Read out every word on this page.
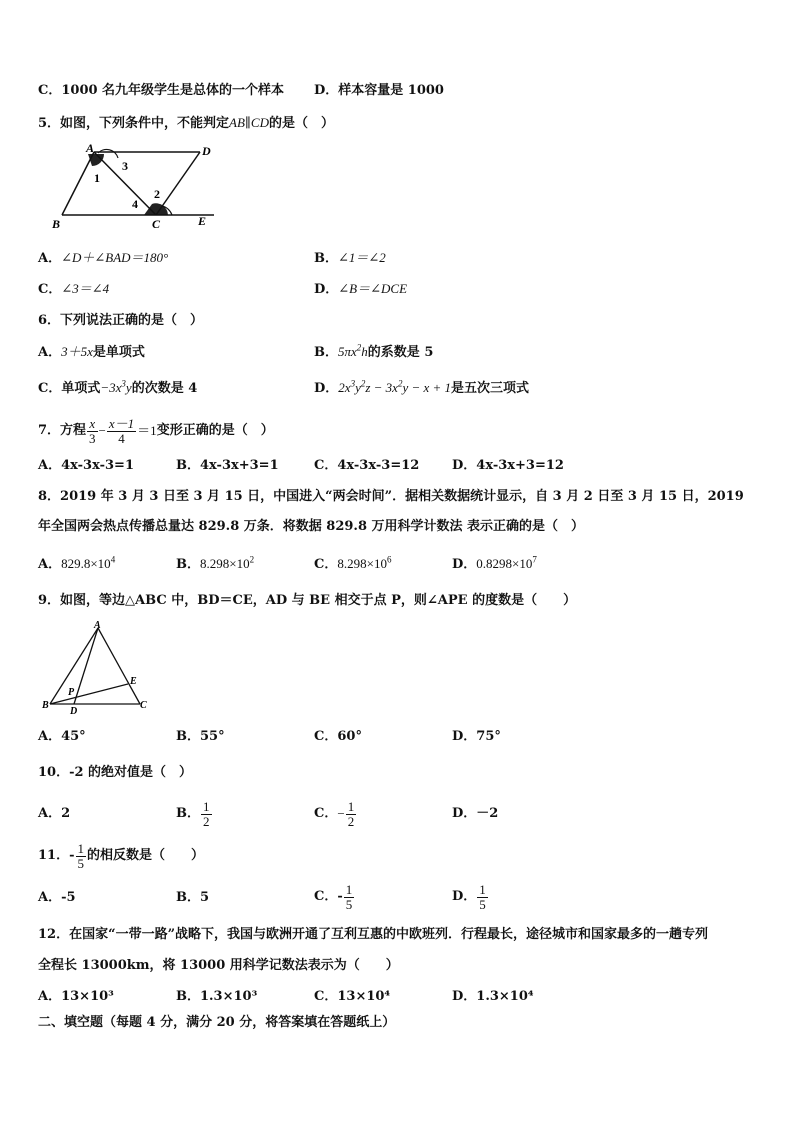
C．1000 名九年级学生是总体的一个样本 D．样本容量是 1000
5．如图，下列条件中，不能判定AB∥CD的是（　）
A	D
B	C	E
1
2
3
4
A．∠D＋∠BAD＝180°	B．∠1＝∠2
C．∠3＝∠4	D．∠B＝∠DCE
6．下列说法正确的是（　）
A．3＋5x是单项式	B．$5\pi x^2h$的系数是 5
C．单项式$-3x^3y$的次数是 4	D．$2x^3y^2z - 3x^2y - x + 1$是五次三项式
7．方程 $\frac{x}{3} - \frac{x-1}{4} =1$ 变形正确的是（　）
A．4x-3x-3=1	B．4x-3x+3=1	C．4x-3x-3=12	D．4x-3x+3=12
8．2019 年 3 月 3 日至 3 月 15 日，中国进入“两会时间”．据相关数据统计显示，自 3 月 2 日至 3 月 15 日，2019
年全国两会热点传播总量达 829.8 万条．将数据 829.8 万用科学计数法 表示正确的是（　）
A．$829.8\times 10^4$	B．$8.298\times 10^2$	C．$8.298\times 10^6$	D．$0.8298\times 10^7$
9．如图，等边△ABC 中，BD＝CE，AD 与 BE 相交于点 P，则∠APE 的度数是（　　）
A
B	C
D
E
P
A．45°	B．55°	C．60°	D．75°
10．-2 的绝对值是（　）
A．2	B． $\frac{1}{2}$	C． − $\frac{1}{2}$	D．－2
11．- $\frac{1}{5}$ 的相反数是（　　）
A．-5	B．5	C．- $\frac{1}{5}$	D． $\frac{1}{5}$
12．在国家“一带一路”战略下，我国与欧洲开通了互利互惠的中欧班列．行程最长，途径城市和国家最多的一趟专列
全程长 13000km，将 13000 用科学记数法表示为（　　）
A．13×10³	B．1.3×10³	C．13×10⁴	D．1.3×10⁴
二、填空题（每题 4 分，满分 20 分，将答案填在答题纸上）
